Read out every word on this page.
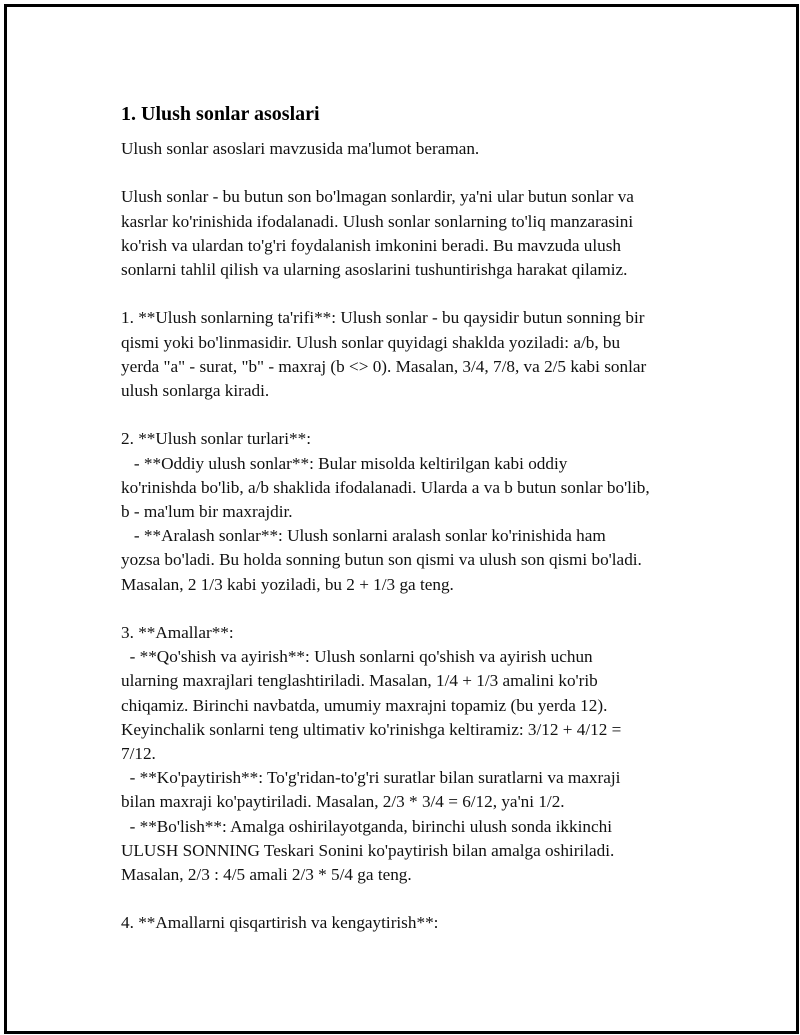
1. Ulush sonlar asoslari
Ulush sonlar asoslari mavzusida ma'lumot beraman.
Ulush sonlar - bu butun son bo'lmagan sonlardir, ya'ni ular butun sonlar va
kasrlar ko'rinishida ifodalanadi. Ulush sonlar sonlarning to'liq manzarasini
ko'rish va ulardan to'g'ri foydalanish imkonini beradi. Bu mavzuda ulush
sonlarni tahlil qilish va ularning asoslarini tushuntirishga harakat qilamiz.
1. **Ulush sonlarning ta'rifi**: Ulush sonlar - bu qaysidir butun sonning bir
qismi yoki bo'linmasidir. Ulush sonlar quyidagi shaklda yoziladi: a/b, bu
yerda "a" - surat, "b" - maxraj (b <> 0). Masalan, 3/4, 7/8, va 2/5 kabi sonlar
ulush sonlarga kiradi.
2. **Ulush sonlar turlari**:
- **Oddiy ulush sonlar**: Bular misolda keltirilgan kabi oddiy
ko'rinishda bo'lib, a/b shaklida ifodalanadi. Ularda a va b butun sonlar bo'lib,
b - ma'lum bir maxrajdir.
- **Aralash sonlar**: Ulush sonlarni aralash sonlar ko'rinishida ham
yozsa bo'ladi. Bu holda sonning butun son qismi va ulush son qismi bo'ladi.
Masalan, 2 1/3 kabi yoziladi, bu 2 + 1/3 ga teng.
3. **Amallar**:
- **Qo'shish va ayirish**: Ulush sonlarni qo'shish va ayirish uchun
ularning maxrajlari tenglashtiriladi. Masalan, 1/4 + 1/3 amalini ko'rib
chiqamiz. Birinchi navbatda, umumiy maxrajni topamiz (bu yerda 12).
Keyinchalik sonlarni teng ultimativ ko'rinishga keltiramiz: 3/12 + 4/12 =
7/12.
- **Ko'paytirish**: To'g'ridan-to'g'ri suratlar bilan suratlarni va maxraji
bilan maxraji ko'paytiriladi. Masalan, 2/3 * 3/4 = 6/12, ya'ni 1/2.
- **Bo'lish**: Amalga oshirilayotganda, birinchi ulush sonda ikkinchi
ULUSH SONNING Teskari Sonini ko'paytirish bilan amalga oshiriladi.
Masalan, 2/3 : 4/5 amali 2/3 * 5/4 ga teng.
4. **Amallarni qisqartirish va kengaytirish**:
